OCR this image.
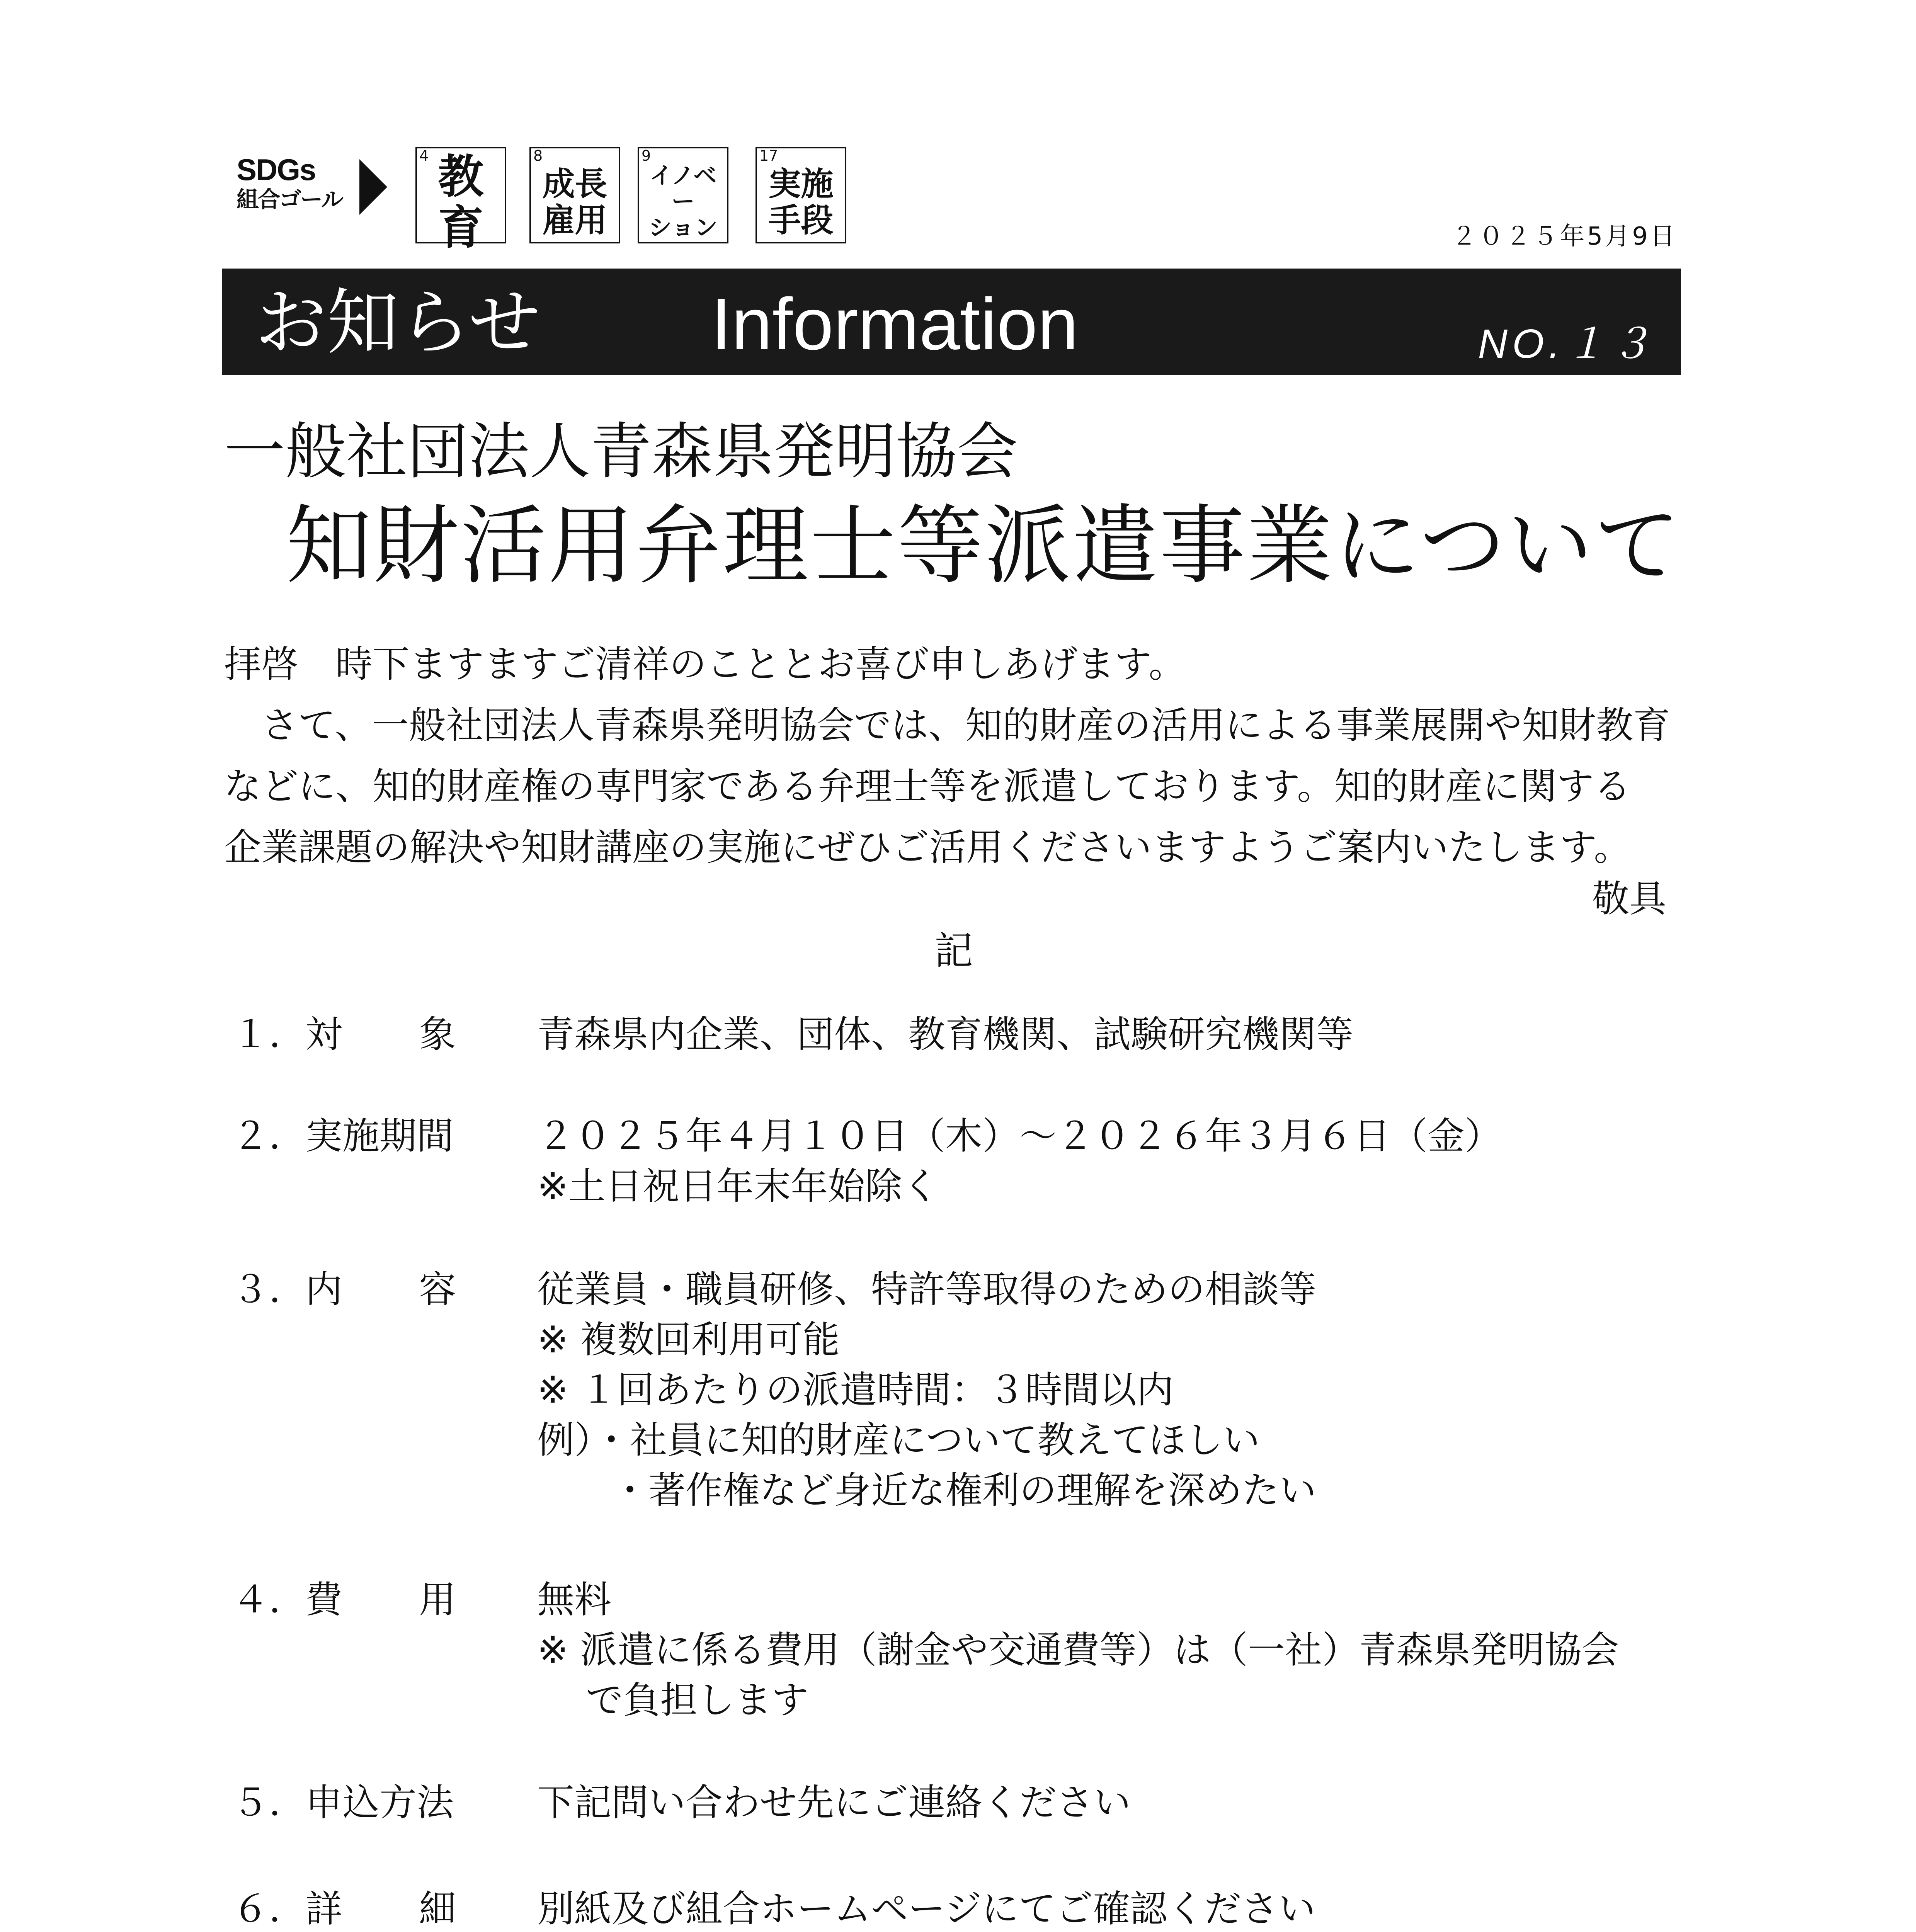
SDGs
組合ゴール
4 教育
8
成長
雇用
9
イノベー
ション
17
実施
手段	２０２５年5月9日
お知らせ Information	NO.１３
一般社団法人青森県発明協会
知財活用弁理士等派遣事業について

拝啓　時下ますますご清祥のこととお喜び申しあげます。

　さて、一般社団法人青森県発明協会では、知的財産の活用による事業展開や知財教育

などに、知的財産権の専門家である弁理士等を派遣しております。知的財産に関する

企業課題の解決や知財講座の実施にぜひご活用くださいますようご案内いたします。

敬具
記
１．
対 象 青森県内企業、団体、教育機関、試験研究機関等
２．
実施期間 ２０２５年４月１０日（木）～２０２６年３月６日（金）
※土日祝日年末年始除く
３．
内 容 従業員・職員研修、特許等取得のための相談等
※ 複数回利用可能
※ １回あたりの派遣時間：３時間以内
例）・社員に知的財産について教えてほしい
　　・著作権など身近な権利の理解を深めたい
４．
費 用 無料
※ 派遣に係る費用（謝金や交通費等）は（一社）青森県発明協会
　 で負担します
５．
申込方法 下記問い合わせ先にご連絡ください
６．
詳 細 別紙及び組合ホームページにてご確認ください
